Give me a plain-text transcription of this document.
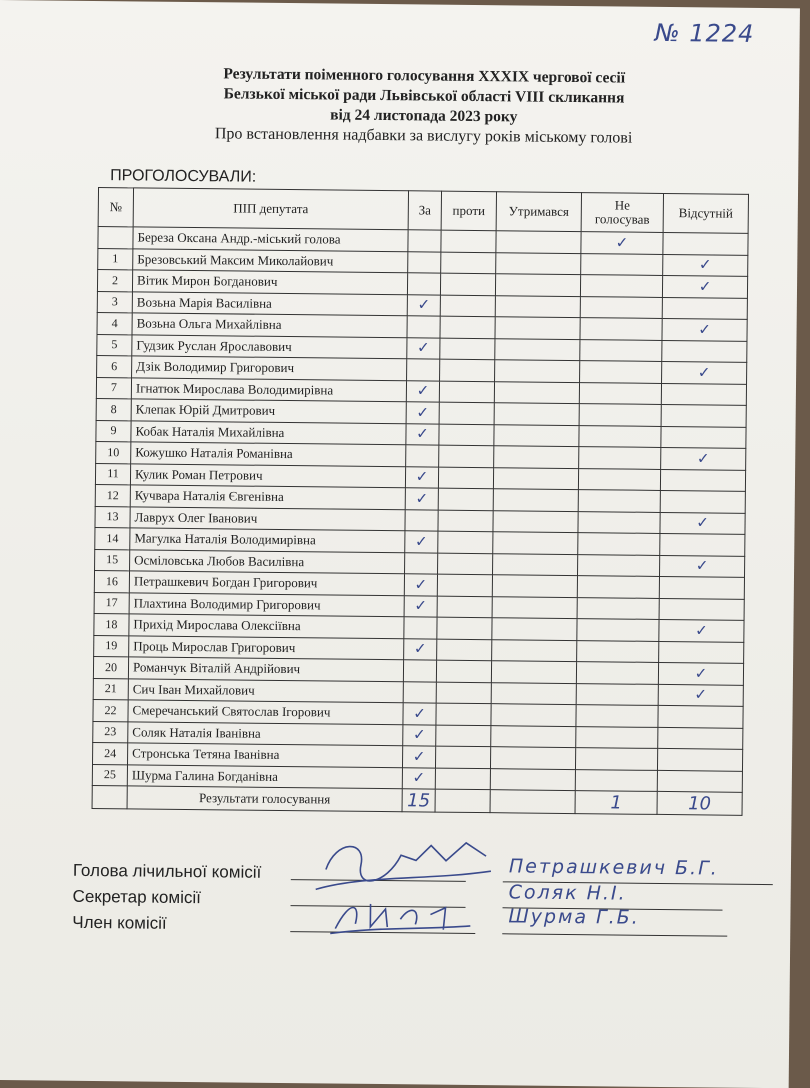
№ 1224
Результати поіменного голосування XXXIX чергової сесії
Белзької міської ради Львівської області VIII скликання
від 24 листопада 2023 року
Про встановлення надбавки за вислугу років міському голові
ПРОГОЛОСУВАЛИ:
№	ПІП депутата	За	проти	Утримався	Не голосував	Відсутній
	Береза Оксана Андр.-міський голова				✓	
1	Брезовський Максим Миколайович					✓
2	Вітик Мирон Богданович					✓
3	Возьна Марія Василівна	✓				
4	Возьна Ольга Михайлівна					✓
5	Гудзик Руслан Ярославович	✓				
6	Дзік Володимир Григорович					✓
7	Ігнатюк Мирослава Володимирівна	✓				
8	Клепак Юрій Дмитрович	✓				
9	Кобак Наталія Михайлівна	✓				
10	Кожушко Наталія Романівна					✓
11	Кулик Роман Петрович	✓				
12	Кучвара Наталія Євгенівна	✓				
13	Лаврух Олег Іванович					✓
14	Магулка Наталія Володимирівна	✓				
15	Осміловська Любов Василівна					✓
16	Петрашкевич Богдан Григорович	✓				
17	Плахтина Володимир Григорович	✓				
18	Прихід Мирослава Олексіївна					✓
19	Проць Мирослав Григорович	✓				
20	Романчук Віталій Андрійович					✓
21	Сич Іван Михайлович					✓
22	Смеречанський Святослав Ігорович	✓				
23	Соляк Наталія Іванівна	✓				
24	Стронська Тетяна Іванівна	✓				
25	Шурма Галина Богданівна	✓				
	Результати голосування	15			1	10
Голова лічильної комісії	Петрашкевич Б.Г.
Секретар комісії	Соляк Н.І.
Член комісії	Шурма Г.Б.
